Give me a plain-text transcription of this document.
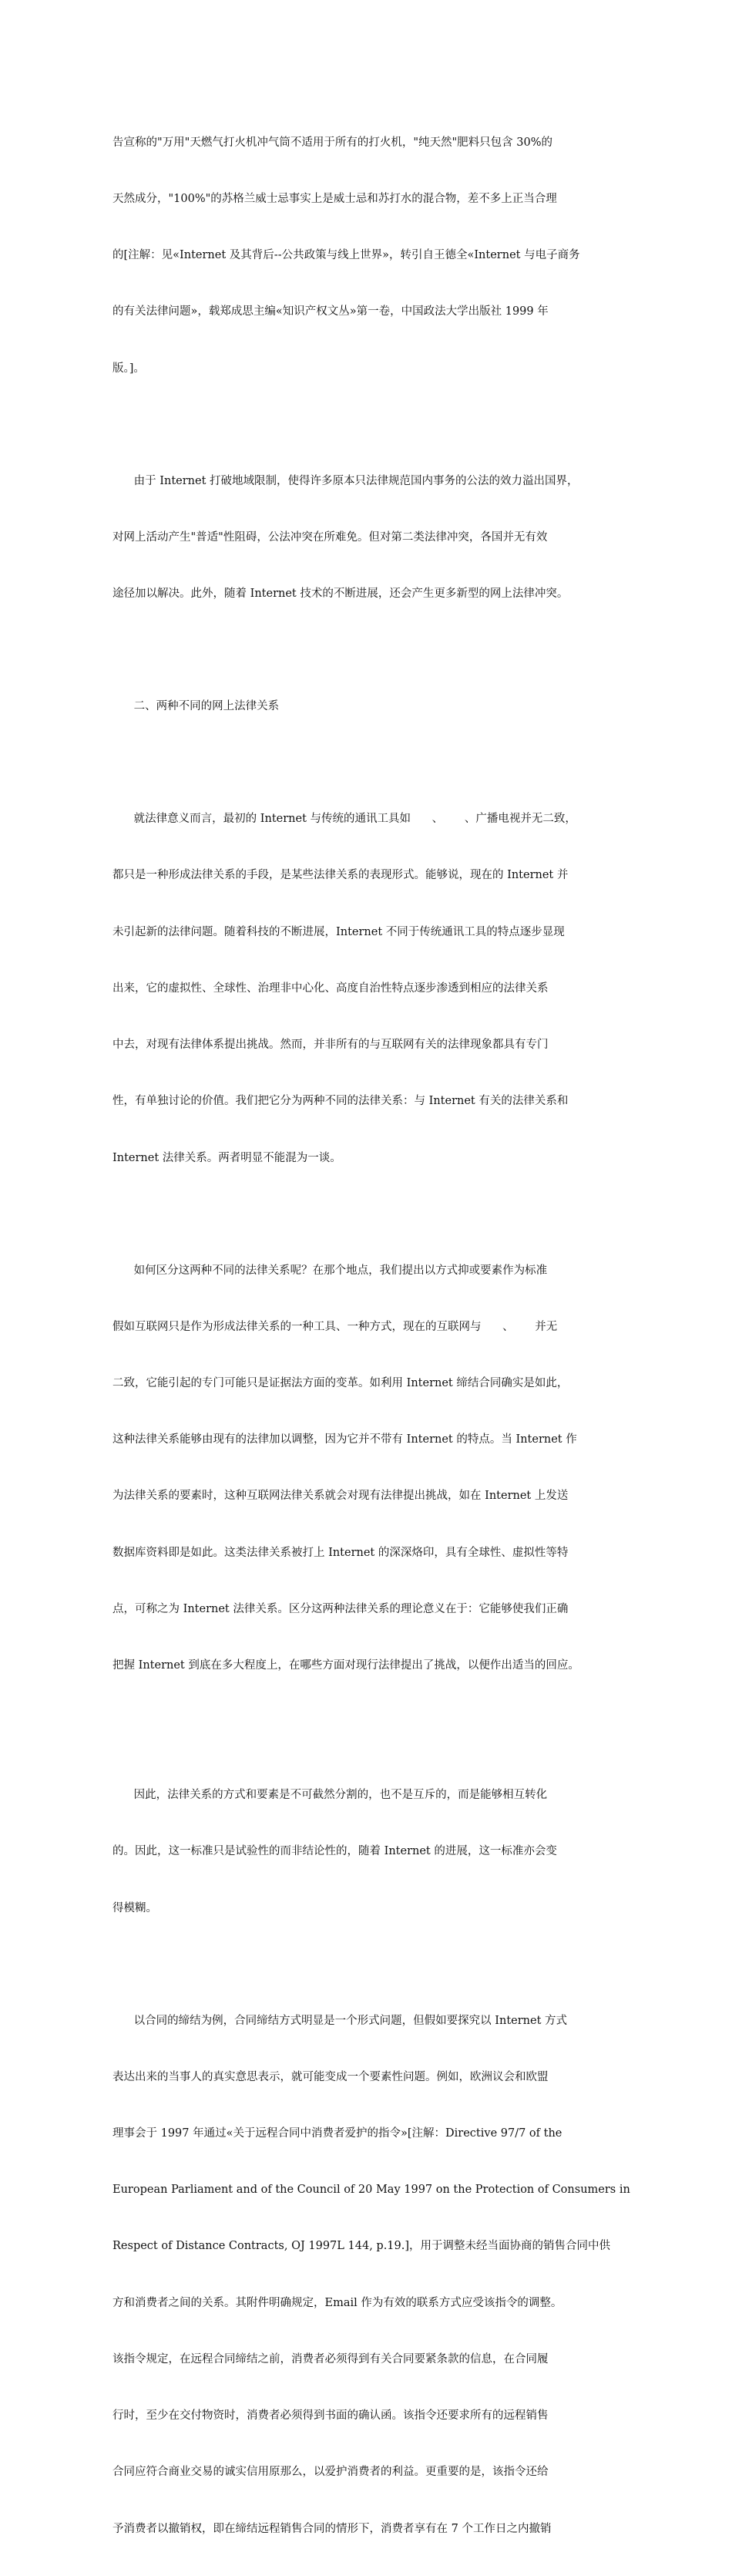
告宣称的"万用"天燃气打火机冲气筒不适用于所有的打火机，"纯天然"肥料只包含 30%的

天然成分，"100%"的苏格兰威士忌事实上是威士忌和苏打水的混合物，差不多上正当合理

的[注解：见«Internet 及其背后--公共政策与线上世界»，转引自王德全«Internet 与电子商务

的有关法律问题»，载郑成思主编«知识产权文丛»第一卷，中国政法大学出版社 1999 年

版。]。

由于 Internet 打破地域限制，使得许多原本只法律规范国内事务的公法的效力溢出国界，

对网上活动产生"普适"性阻碍，公法冲突在所难免。但对第二类法律冲突，各国并无有效

途径加以解决。此外，随着 Internet 技术的不断进展，还会产生更多新型的网上法律冲突。

二、两种不同的网上法律关系

就法律意义而言，最初的 Internet 与传统的通讯工具如      、      、广播电视并无二致，

都只是一种形成法律关系的手段，是某些法律关系的表现形式。能够说，现在的 Internet 并

未引起新的法律问题。随着科技的不断进展，Internet 不同于传统通讯工具的特点逐步显现

出来，它的虚拟性、全球性、治理非中心化、高度自治性特点逐步渗透到相应的法律关系

中去，对现有法律体系提出挑战。然而，并非所有的与互联网有关的法律现象都具有专门

性，有单独讨论的价值。我们把它分为两种不同的法律关系：与 Internet 有关的法律关系和

Internet 法律关系。两者明显不能混为一谈。

如何区分这两种不同的法律关系呢？在那个地点，我们提出以方式抑或要素作为标准

假如互联网只是作为形成法律关系的一种工具、一种方式，现在的互联网与      、      并无

二致，它能引起的专门可能只是证据法方面的变革。如利用 Internet 缔结合同确实是如此，

这种法律关系能够由现有的法律加以调整，因为它并不带有 Internet 的特点。当 Internet 作

为法律关系的要素时，这种互联网法律关系就会对现有法律提出挑战，如在 Internet 上发送

数据库资料即是如此。这类法律关系被打上 Internet 的深深烙印，具有全球性、虚拟性等特

点，可称之为 Internet 法律关系。区分这两种法律关系的理论意义在于：它能够使我们正确

把握 Internet 到底在多大程度上，在哪些方面对现行法律提出了挑战，以便作出适当的回应。

因此，法律关系的方式和要素是不可截然分割的，也不是互斥的，而是能够相互转化

的。因此，这一标准只是试验性的而非结论性的，随着 Internet 的进展，这一标准亦会变

得模糊。

以合同的缔结为例，合同缔结方式明显是一个形式问题，但假如要探究以 Internet 方式

表达出来的当事人的真实意思表示，就可能变成一个要素性问题。例如，欧洲议会和欧盟

理事会于 1997 年通过«关于远程合同中消费者爱护的指令»[注解：Directive 97/7 of the

European Parliament and of the Council of 20 May 1997 on the Protection of Consumers in

Respect of Distance Contracts, OJ 1997L 144, p.19.]，用于调整未经当面协商的销售合同中供

方和消费者之间的关系。其附件明确规定，Email 作为有效的联系方式应受该指令的调整。

该指令规定，在远程合同缔结之前，消费者必须得到有关合同要紧条款的信息，在合同履

行时，至少在交付物资时，消费者必须得到书面的确认函。该指令还要求所有的远程销售

合同应符合商业交易的诚实信用原那么，以爱护消费者的利益。更重要的是，该指令还给

予消费者以撤销权，即在缔结远程销售合同的情形下，消费者享有在 7 个工作日之内撤销
